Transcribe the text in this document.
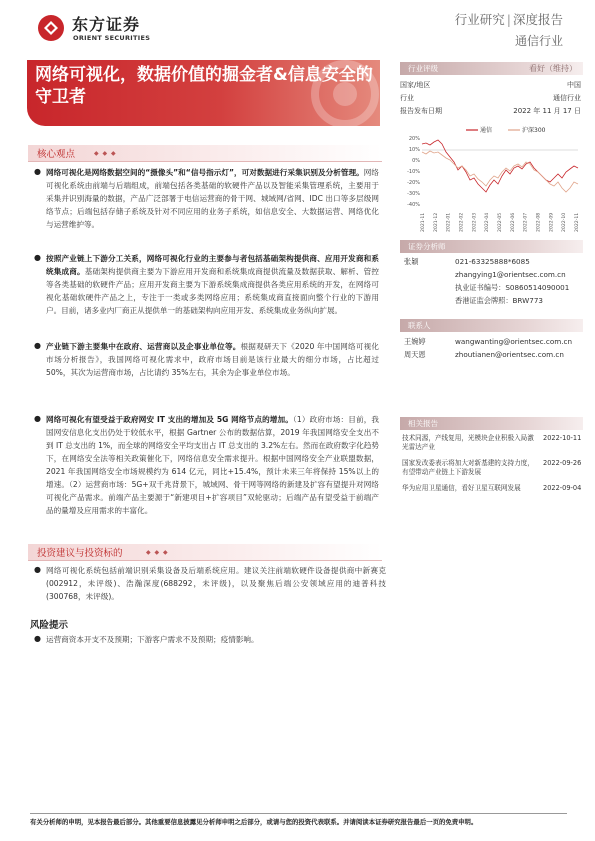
东方证券
ORIENT SECURITIES
行业研究 | 深度报告
通信行业
网络可视化，数据价值的掘金者&信息安全的守卫者
行业评级	看好（维持）
国家/地区	中国
行业	通信行业
报告发布日期	2022 年 11 月 17 日
通信	沪深300
20%
10%
0%
-10%
-20%
-30%
-40%
2021-11 2021-12 2022-01 2022-02 2022-03 2022-04 2022-05 2022-06 2022-07 2022-08 2022-09 2022-10 2022-11
证券分析师
张颖	021-63325888*6085
zhangying1@orientsec.com.cn
执业证书编号：S0860514090001
香港证监会牌照：BRW773
联系人
王婉婷	wangwanting@orientsec.com.cn
周天恩	zhoutianen@orientsec.com.cn
相关报告
技术同源，产线复用，光模块企业积极入局激光雷达产业
2022-10-11
国家发改委表示将加大对新基建的支持力度，有望带动产业链上下游发展
2022-09-26
华为应用卫星通信，看好卫星互联网发展	2022-09-04
核心观点	◆ ◆ ◆
● 网络可视化是网络数据空间的“摄像头”和“信号指示灯”，可对数据进行采集识别及分析管理。网络可视化系统由前端与后端组成，前端包括各类基础的软硬件产品以及智能采集管理系统，主要用于采集并识别海量的数据，产品广泛部署于电信运营商的骨干网、城域网/省网、IDC 出口等多层级网络节点；后端包括存储子系统及针对不同应用的业务子系统，如信息安全、大数据运营、网络优化与运营维护等。
● 按照产业链上下游分工关系，网络可视化行业的主要参与者包括基础架构提供商、应用开发商和系统集成商。基础架构提供商主要为下游应用开发商和系统集成商提供流量及数据获取、解析、管控等各类基础的软硬件产品；应用开发商主要为下游系统集成商提供各类应用系统的开发，在网络可视化基础软硬件产品之上，专注于一类或多类网络应用；系统集成商直接面向整个行业的下游用户。目前，诸多业内厂商正从提供单一的基础架构向应用开发、系统集成业务纵向扩展。
● 产业链下游主要集中在政府、运营商以及企事业单位等。根据观研天下《2020 年中国网络可视化市场分析报告》，我国网络可视化需求中，政府市场目前是该行业最大的细分市场，占比超过 50%，其次为运营商市场，占比请约 35%左右，其余为企事业单位市场。
● 网络可视化有望受益于政府网安 IT 支出的增加及 5G 网络节点的增加。（1）政府市场：目前，我国网安信息化支出仍处于较低水平，根据 Gartner 公布的数据估算，2019 年我国网络安全支出不到 IT 总支出的 1%，而全球的网络安全平均支出占 IT 总支出的 3.2%左右。然而在政府数字化趋势下，在网络安全法等相关政策催化下，网络信息安全需求提升。根据中国网络安全产业联盟数据，2021 年我国网络安全市场规模约为 614 亿元，同比+15.4%，预计未来三年将保持 15%以上的增速。（2）运营商市场：5G+双千兆背景下，城域网、骨干网等网络的新建及扩容有望提升对网络可视化产品需求。前端产品主要源于“新建项目+扩容项目”双轮驱动；后端产品有望受益于前端产品的量增及应用需求的丰富化。
投资建议与投资标的	◆ ◆ ◆
● 网络可视化系统包括前端识别采集设备及后端系统应用。建议关注前端软硬件设备提供商中新赛克(002912，未评级)、浩瀚深度(688292，未评级)，以及聚焦后端公安领域应用的迪普科技(300768，未评级)。
风险提示
● 运营商资本开支不及预期；下游客户需求不及预期；疫情影响。
有关分析师的申明，见本报告最后部分。其他重要信息披露见分析师申明之后部分，或请与您的投资代表联系。并请阅读本证券研究报告最后一页的免责申明。
